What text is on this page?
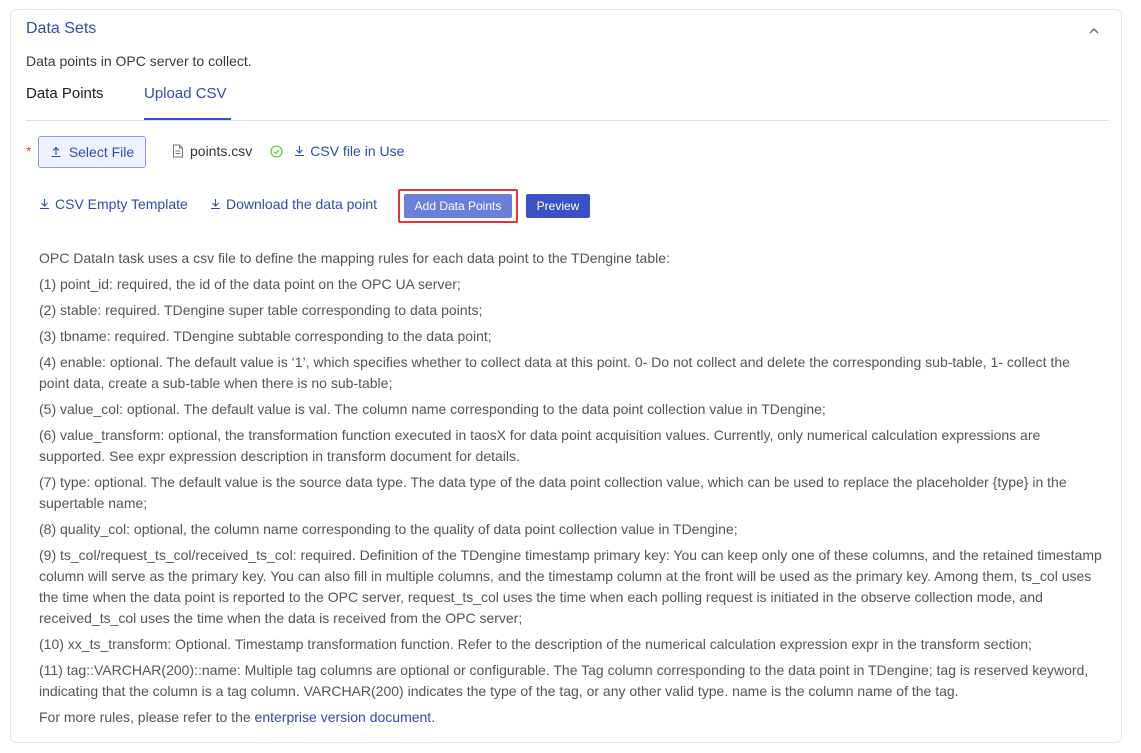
Data Sets
Data points in OPC server to collect.
Data Points	Upload CSV
*	Select File	points.csv	CSV file in Use
CSV Empty Template	Download the data point	Add Data Points	Preview

OPC DataIn task uses a csv file to define the mapping rules for each data point to the TDengine table:

(1) point_id: required, the id of the data point on the OPC UA server;

(2) stable: required. TDengine super table corresponding to data points;

(3) tbname: required. TDengine subtable corresponding to the data point;

(4) enable: optional. The default value is ‘1’, which specifies whether to collect data at this point. 0- Do not collect and delete the corresponding sub-table, 1- collect the point data, create a sub-table when there is no sub-table;

(5) value_col: optional. The default value is val. The column name corresponding to the data point collection value in TDengine;

(6) value_transform: optional, the transformation function executed in taosX for data point acquisition values. Currently, only numerical calculation expressions are supported. See expr expression description in transform document for details.

(7) type: optional. The default value is the source data type. The data type of the data point collection value, which can be used to replace the placeholder {type} in the supertable name;

(8) quality_col: optional, the column name corresponding to the quality of data point collection value in TDengine;

(9) ts_col/request_ts_col/received_ts_col: required. Definition of the TDengine timestamp primary key: You can keep only one of these columns, and the retained timestamp column will serve as the primary key. You can also fill in multiple columns, and the timestamp column at the front will be used as the primary key. Among them, ts_col uses the time when the data point is reported to the OPC server, request_ts_col uses the time when each polling request is initiated in the observe collection mode, and received_ts_col uses the time when the data is received from the OPC server;

(10) xx_ts_transform: Optional. Timestamp transformation function. Refer to the description of the numerical calculation expression expr in the transform section;

(11) tag::VARCHAR(200)::name: Multiple tag columns are optional or configurable. The Tag column corresponding to the data point in TDengine; tag is reserved keyword, indicating that the column is a tag column. VARCHAR(200) indicates the type of the tag, or any other valid type. name is the column name of the tag.

For more rules, please refer to the enterprise version document.
